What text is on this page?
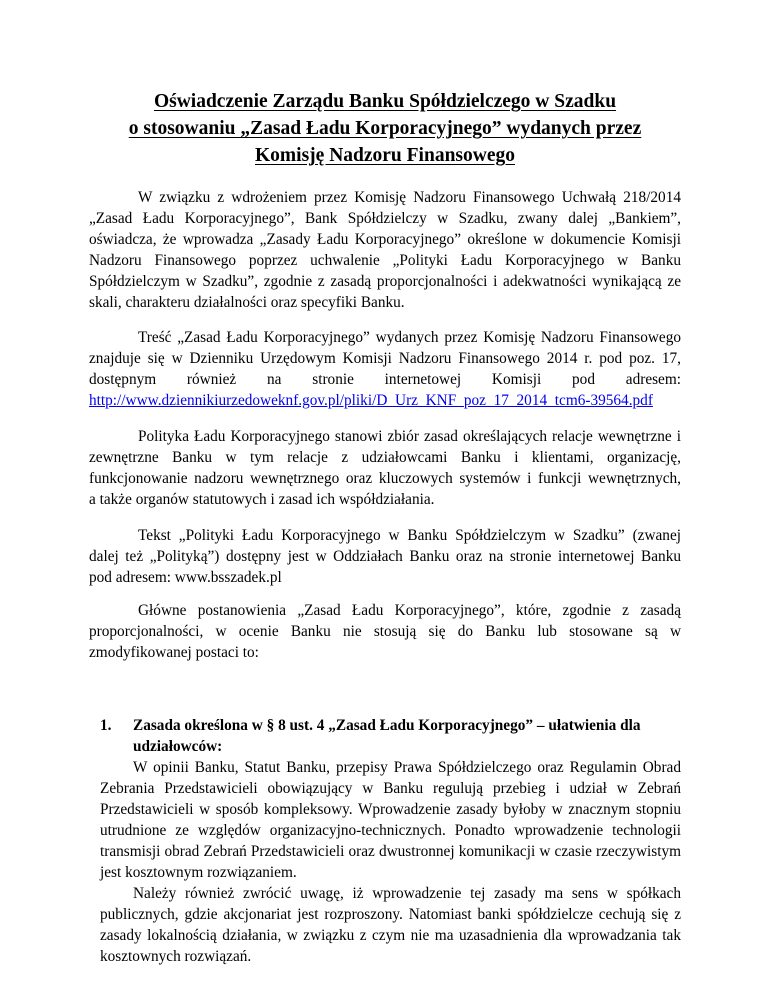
Oświadczenie Zarządu Banku Spółdzielczego w Szadku
o stosowaniu „Zasad Ładu Korporacyjnego” wydanych przez
Komisję Nadzoru Finansowego
W związku z wdrożeniem przez Komisję Nadzoru Finansowego Uchwałą 218/2014
„Zasad Ładu Korporacyjnego”, Bank Spółdzielczy w Szadku, zwany dalej „Bankiem”,
oświadcza, że wprowadza „Zasady Ładu Korporacyjnego” określone w dokumencie Komisji
Nadzoru Finansowego poprzez uchwalenie „Polityki Ładu Korporacyjnego w Banku
Spółdzielczym w Szadku”, zgodnie z zasadą proporcjonalności i adekwatności wynikającą ze
skali, charakteru działalności oraz specyfiki Banku.
Treść „Zasad Ładu Korporacyjnego” wydanych przez Komisję Nadzoru Finansowego
znajduje się w Dzienniku Urzędowym Komisji Nadzoru Finansowego 2014 r. pod poz. 17,
dostępnym również na stronie internetowej Komisji pod adresem:
http://www.dziennikiurzedoweknf.gov.pl/pliki/D_Urz_KNF_poz_17_2014_tcm6-39564.pdf
Polityka Ładu Korporacyjnego stanowi zbiór zasad określających relacje wewnętrzne i
zewnętrzne Banku w tym relacje z udziałowcami Banku i klientami, organizację,
funkcjonowanie nadzoru wewnętrznego oraz kluczowych systemów i funkcji wewnętrznych,
a także organów statutowych i zasad ich współdziałania.
Tekst „Polityki Ładu Korporacyjnego w Banku Spółdzielczym w Szadku” (zwanej
dalej też „Polityką”) dostępny jest w Oddziałach Banku oraz na stronie internetowej Banku
pod adresem: www.bsszadek.pl
Główne postanowienia „Zasad Ładu Korporacyjnego”, które, zgodnie z zasadą
proporcjonalności, w ocenie Banku nie stosują się do Banku lub stosowane są w
zmodyfikowanej postaci to:
1. Zasada określona w § 8 ust. 4 „Zasad Ładu Korporacyjnego” – ułatwienia dla
udziałowców:
W opinii Banku, Statut Banku, przepisy Prawa Spółdzielczego oraz Regulamin Obrad
Zebrania Przedstawicieli obowiązujący w Banku regulują przebieg i udział w Zebrań
Przedstawicieli w sposób kompleksowy. Wprowadzenie zasady byłoby w znacznym stopniu
utrudnione ze względów organizacyjno-technicznych. Ponadto wprowadzenie technologii
transmisji obrad Zebrań Przedstawicieli oraz dwustronnej komunikacji w czasie rzeczywistym
jest kosztownym rozwiązaniem.
Należy również zwrócić uwagę, iż wprowadzenie tej zasady ma sens w spółkach
publicznych, gdzie akcjonariat jest rozproszony. Natomiast banki spółdzielcze cechują się z
zasady lokalnością działania, w związku z czym nie ma uzasadnienia dla wprowadzania tak
kosztownych rozwiązań.
